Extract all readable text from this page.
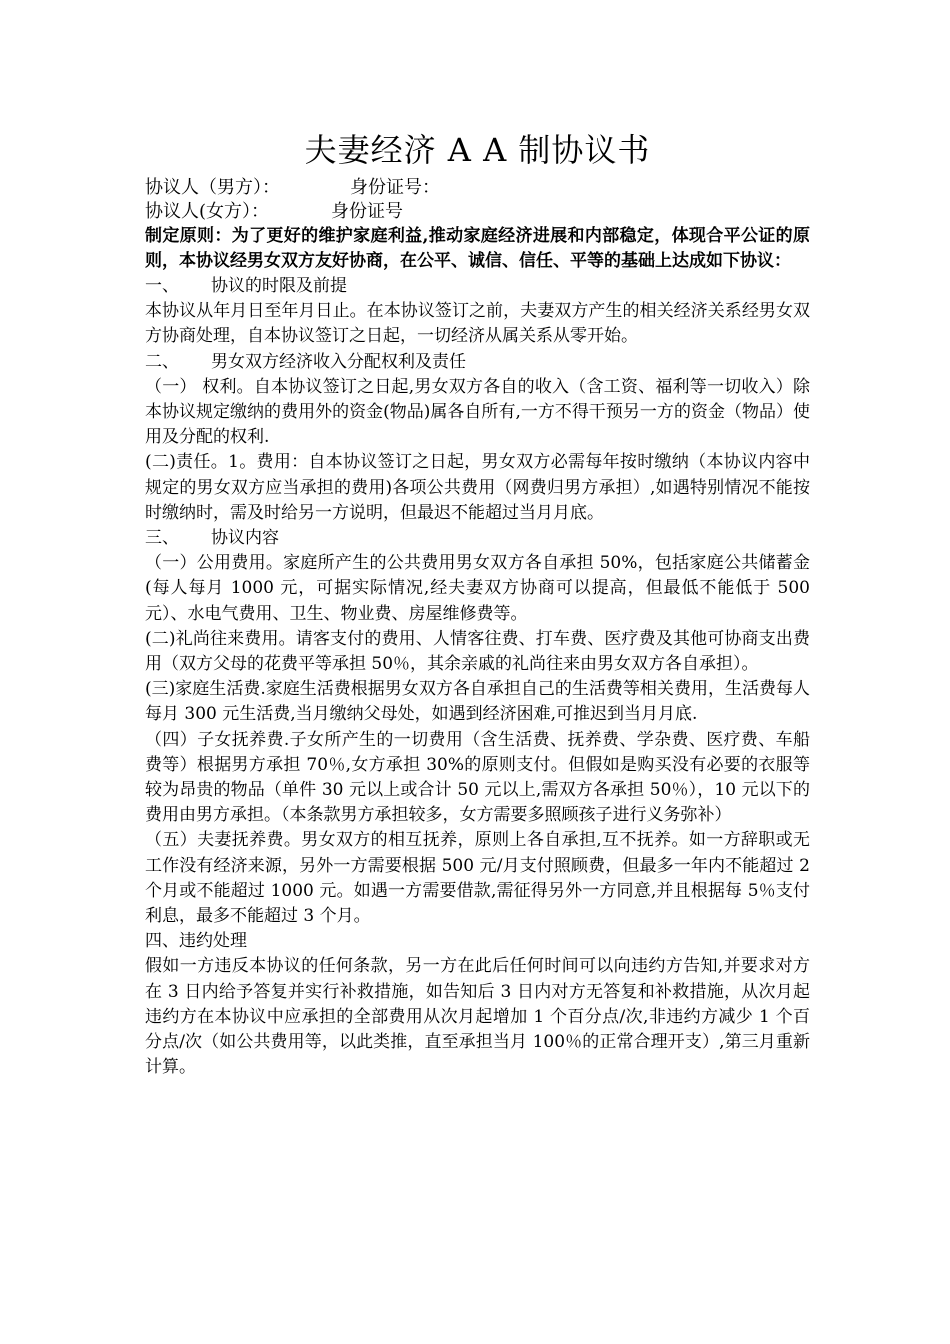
夫妻经济 A A 制协议书
协议人（男方）：	身份证号：
协议人(女方）：	身份证号
制定原则：为了更好的维护家庭利益,推动家庭经济进展和内部稳定，体现合平公证的原则，本协议经男女双方友好协商，在公平、诚信、信任、平等的基础上达成如下协议：
一、 协议的时限及前提

本协议从年月日至年月日止。在本协议签订之前，夫妻双方产生的相关经济关系经男女双方协商处理，自本协议签订之日起，一切经济从属关系从零开始。

二、 男女双方经济收入分配权利及责任

（一） 权利。自本协议签订之日起,男女双方各自的收入（含工资、福利等一切收入）除本协议规定缴纳的费用外的资金(物品)属各自所有,一方不得干预另一方的资金（物品）使用及分配的权利.

(二)责任。1。费用：自本协议签订之日起，男女双方必需每年按时缴纳（本协议内容中规定的男女双方应当承担的费用)各项公共费用（网费归男方承担）,如遇特别情况不能按时缴纳时，需及时给另一方说明，但最迟不能超过当月月底。

三、 协议内容

（一）公用费用。家庭所产生的公共费用男女双方各自承担 50%，包括家庭公共储蓄金(每人每月 1000 元，可据实际情况,经夫妻双方协商可以提高，但最低不能低于 500 元）、水电气费用、卫生、物业费、房屋维修费等。

(二)礼尚往来费用。请客支付的费用、人情客往费、打车费、医疗费及其他可协商支出费用（双方父母的花费平等承担 50％，其余亲戚的礼尚往来由男女双方各自承担）。

(三)家庭生活费.家庭生活费根据男女双方各自承担自己的生活费等相关费用，生活费每人每月 300 元生活费,当月缴纳父母处，如遇到经济困难,可推迟到当月月底.

（四）子女抚养费.子女所产生的一切费用（含生活费、抚养费、学杂费、医疗费、车船费等）根据男方承担 70％,女方承担 30%的原则支付。但假如是购买没有必要的衣服等较为昂贵的物品（单件 30 元以上或合计 50 元以上,需双方各承担 50％），10 元以下的费用由男方承担。（本条款男方承担较多，女方需要多照顾孩子进行义务弥补）

（五）夫妻抚养费。男女双方的相互抚养，原则上各自承担,互不抚养。如一方辞职或无工作没有经济来源，另外一方需要根据 500 元/月支付照顾费，但最多一年内不能超过 2 个月或不能超过 1000 元。如遇一方需要借款,需征得另外一方同意,并且根据每 5％支付利息，最多不能超过 3 个月。

四、违约处理

假如一方违反本协议的任何条款，另一方在此后任何时间可以向违约方告知,并要求对方在 3 日内给予答复并实行补救措施，如告知后 3 日内对方无答复和补救措施，从次月起违约方在本协议中应承担的全部费用从次月起增加 1 个百分点/次,非违约方减少 1 个百分点/次（如公共费用等，以此类推，直至承担当月 100％的正常合理开支）,第三月重新计算。
